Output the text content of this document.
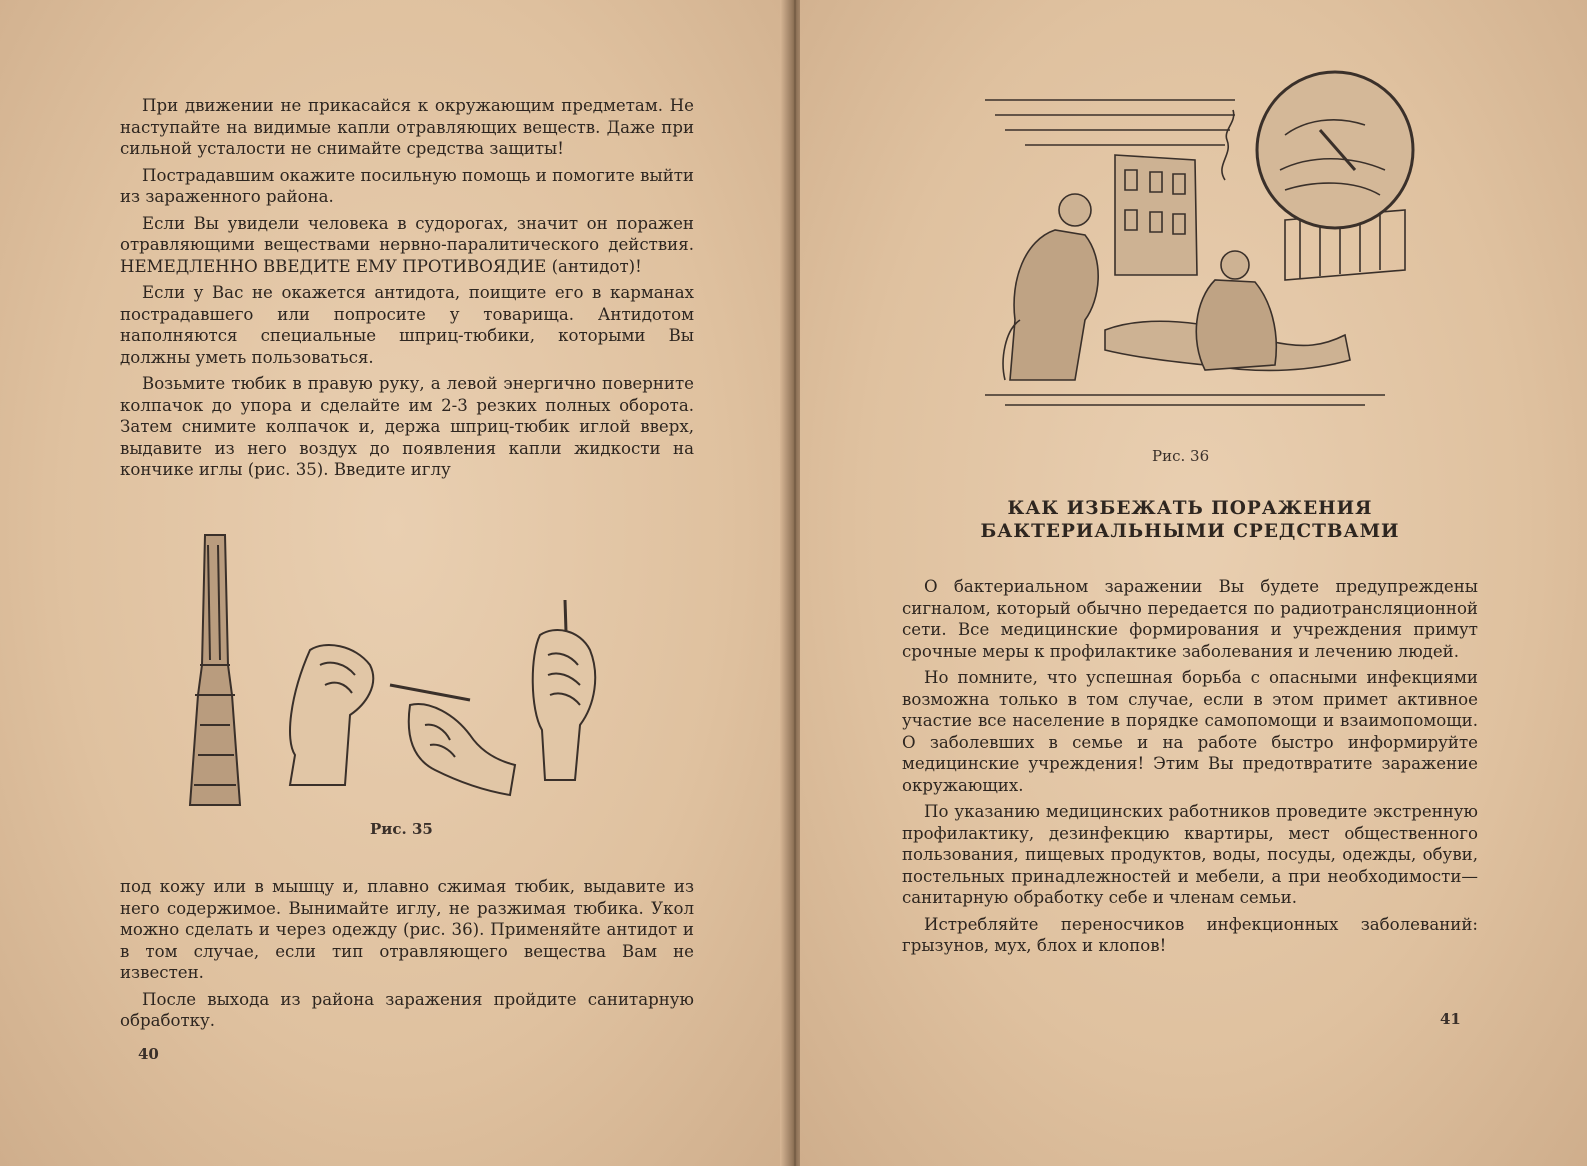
При движении не прикасайся к окружающим предметам. Не наступайте на видимые капли отравляющих веществ. Даже при сильной усталости не снимайте средства защиты!

Пострадавшим окажите посильную помощь и помогите выйти из зараженного района.

Если Вы увидели человека в судорогах, значит он поражен отравляющими веществами нервно-паралитического действия. НЕМЕДЛЕННО ВВЕДИТЕ ЕМУ ПРОТИВОЯДИЕ (антидот)!

Если у Вас не окажется антидота, поищите его в карманах пострадавшего или попросите у товарища. Антидотом наполняются специальные шприц-тюбики, которыми Вы должны уметь пользоваться.

Возьмите тюбик в правую руку, а левой энергично поверните колпачок до упора и сделайте им 2-3 резких полных оборота. Затем снимите колпачок и, держа шприц-тюбик иглой вверх, выдавите из него воздух до появления капли жидкости на кончике иглы (рис. 35). Введите иглу

Рис. 35

под кожу или в мышцу и, плавно сжимая тюбик, выдавите из него содержимое. Вынимайте иглу, не разжимая тюбика. Укол можно сделать и через одежду (рис. 36). Применяйте антидот и в том случае, если тип отравляющего вещества Вам не известен.

После выхода из района заражения пройдите санитарную обработку.

40
Рис. 36
КАК ИЗБЕЖАТЬ ПОРАЖЕНИЯ
БАКТЕРИАЛЬНЫМИ СРЕДСТВАМИ

О бактериальном заражении Вы будете предупреждены сигналом, который обычно передается по радиотрансляционной сети. Все медицинские формирования и учреждения примут срочные меры к профилактике заболевания и лечению людей.

Но помните, что успешная борьба с опасными инфекциями возможна только в том случае, если в этом примет активное участие все население в порядке самопомощи и взаимопомощи. О заболевших в семье и на работе быстро информируйте медицинские учреждения! Этим Вы предотвратите заражение окружающих.

По указанию медицинских работников проведите экстренную профилактику, дезинфекцию квартиры, мест общественного пользования, пищевых продуктов, воды, посуды, одежды, обуви, постельных принадлежностей и мебели, а при необходимости—санитарную обработку себе и членам семьи.

Истребляйте переносчиков инфекционных заболеваний: грызунов, мух, блох и клопов!

41
